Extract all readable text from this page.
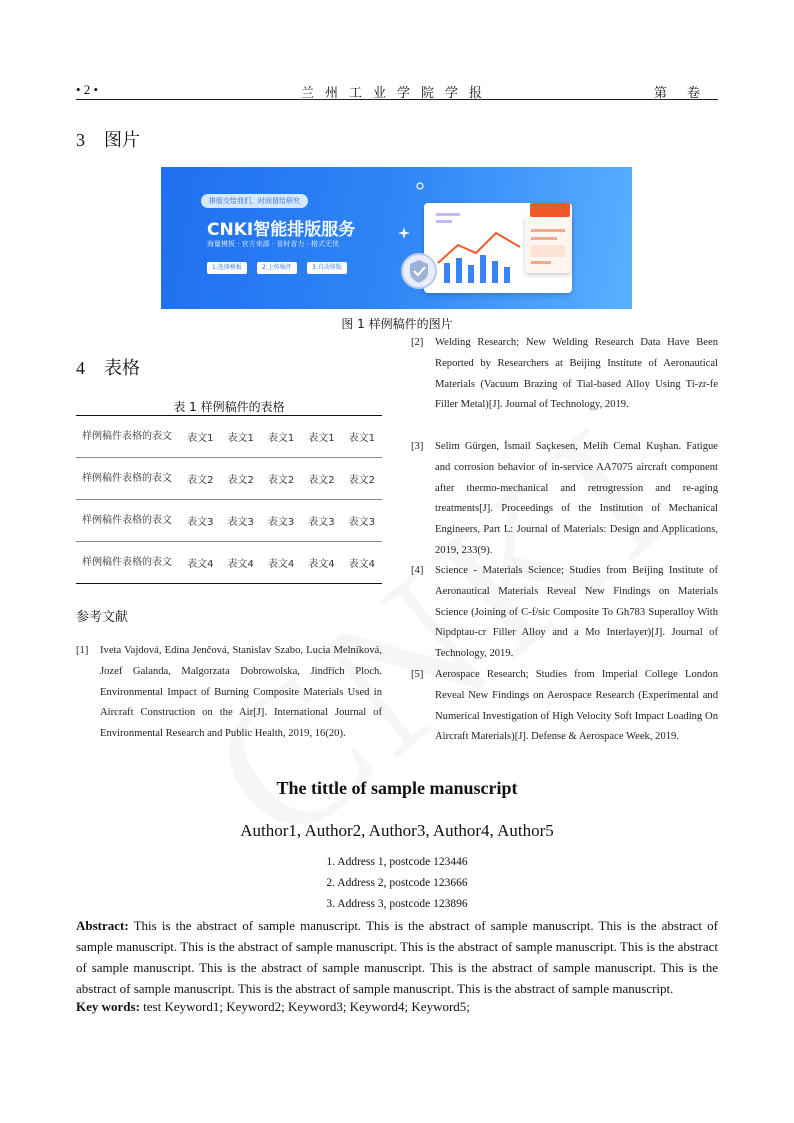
• 2 •	兰州工业学院学报	第 卷
3 图片
排版交给我们，时间留给研究
CNKI智能排版服务
海量模板 · 官方来源 · 省时省力 · 格式无忧
1.选择模板	2.上传稿件	3.自动排版
图 1 样例稿件的图片
4 表格
表 1 样例稿件的表格
样例稿件表格的表文	表文1	表文1	表文1	表文1	表文1
样例稿件表格的表文	表文2	表文2	表文2	表文2	表文2
样例稿件表格的表文	表文3	表文3	表文3	表文3	表文3
样例稿件表格的表文	表文4	表文4	表文4	表文4	表文4
参考文献
[1] Iveta Vajdová, Edina Jenčová, Stanislav Szabo, Lucia Melníková, Jozef Galanda, Malgorzata Dobrowolska, Jindřich Ploch. Environmental Impact of Burning Composite Materials Used in Aircraft Construction on the Air[J]. International Journal of Environmental Research and Public Health, 2019, 16(20).
[2] Welding Research; New Welding Research Data Have Been Reported by Researchers at Beijing Institute of Aeronautical Materials (Vacuum Brazing of Tial-based Alloy Using Ti-zr-fe Filler Metal)[J]. Journal of Technology, 2019.
[3] Selim Gürgen, İsmail Saçkesen, Melih Cemal Kuşhan. Fatigue and corrosion behavior of in-service AA7075 aircraft component after thermo-mechanical and retrogression and re-aging treatments[J]. Proceedings of the Institution of Mechanical Engineers, Part L: Journal of Materials: Design and Applications, 2019, 233(9).
[4] Science - Materials Science; Studies from Beijing Institute of Aeronautical Materials Reveal New Findings on Materials Science (Joining of C-f/sic Composite To Gh783 Superalloy With Nipdptau-cr Filler Alloy and a Mo Interlayer)[J]. Journal of Technology, 2019.
[5] Aerospace Research; Studies from Imperial College London Reveal New Findings on Aerospace Research (Experimental and Numerical Investigation of High Velocity Soft Impact Loading On Aircraft Materials)[J]. Defense & Aerospace Week, 2019.
The tittle of sample manuscript
Author1, Author2, Author3, Author4, Author5
1. Address 1, postcode 123446
2. Address 2, postcode 123666
3. Address 3, postcode 123896
Abstract: This is the abstract of sample manuscript. This is the abstract of sample manuscript. This is the abstract of sample manuscript. This is the abstract of sample manuscript. This is the abstract of sample manuscript. This is the abstract of sample manuscript. This is the abstract of sample manuscript. This is the abstract of sample manuscript. This is the abstract of sample manuscript. This is the abstract of sample manuscript. This is the abstract of sample manuscript.
Key words: test Keyword1; Keyword2; Keyword3; Keyword4; Keyword5;
